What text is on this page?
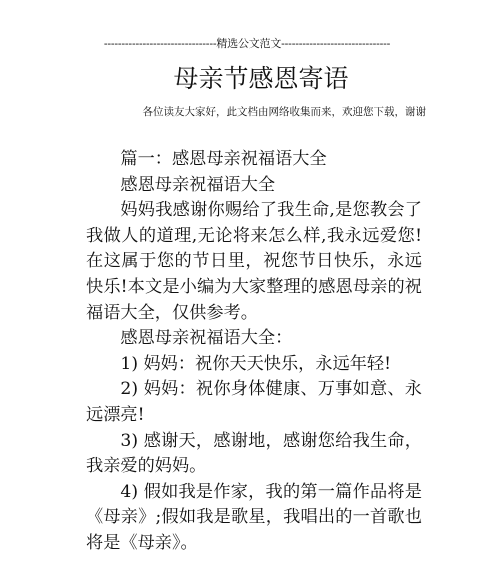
--------------------------------精选公文范文-------------------------------
母亲节感恩寄语
各位读友大家好，此文档由网络收集而来，欢迎您下载，谢谢

篇一：感恩母亲祝福语大全

感恩母亲祝福语大全

妈妈我感谢你赐给了我生命,是您教会了我做人的道理,无论将来怎么样,我永远爱您!在这属于您的节日里，祝您节日快乐，永远快乐!本文是小编为大家整理的感恩母亲的祝福语大全，仅供参考。

感恩母亲祝福语大全：

1) 妈妈：祝你天天快乐，永远年轻!

2) 妈妈：祝你身体健康、万事如意、永远漂亮!

3) 感谢天，感谢地，感谢您给我生命，我亲爱的妈妈。

4) 假如我是作家，我的第一篇作品将是《母亲》;假如我是歌星，我唱出的一首歌也将是《母亲》。
